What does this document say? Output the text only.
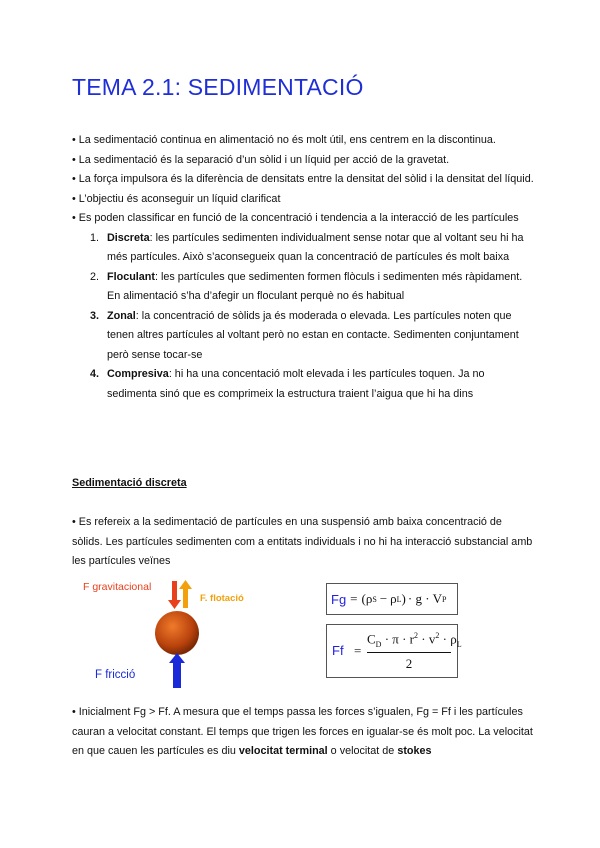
TEMA 2.1: SEDIMENTACIÓ

• La sedimentació continua en alimentació no és molt útil, ens centrem en la discontinua.

• La sedimentació és la separació d’un sòlid i un líquid per acció de la gravetat.

• La força impulsora és la diferència de densitats entre la densitat del sòlid i la densitat del líquid.

• L’objectiu és aconseguir un líquid clarificat

• Es poden classificar en funció de la concentració i tendencia a la interacció de les partícules

1. Discreta: les partícules sedimenten individualment sense notar que al voltant seu hi ha més partícules. Això s’aconsegueix quan la concentració de partícules és molt baixa
2. Floculant: les partícules que sedimenten formen flòculs i sedimenten més ràpidament. En alimentació s’ha d’afegir un floculant perquè no és habitual
3. Zonal: la concentració de sòlids ja és moderada o elevada. Les partícules noten que tenen altres partícules al voltant però no estan en contacte. Sedimenten conjuntament però sense tocar-se
4. Compresiva: hi ha una concentació molt elevada i les partícules toquen. Ja no sedimenta sinó que es comprimeix la estructura traient l’aigua que hi ha dins
Sedimentació discreta

• Es refereix a la sedimentació de partícules en una suspensió amb baixa concentració de sòlids. Les partícules sedimenten com a entitats individuals i no hi ha interacció substancial amb les partícules veïnes

F gravitacional
F. flotació
F fricció
Fg = ( ρ S − ρ L ) · g · V P
Ff =
$C_D \cdot \pi \cdot r^2 \cdot v^2 \cdot \rho_L$
2

• Inicialment Fg > Ff. A mesura que el temps passa les forces s’igualen, Fg = Ff i les partícules cauran a velocitat constant. El temps que trigen les forces en igualar-se és molt poc. La velocitat en que cauen les partícules es diu velocitat terminal o velocitat de stokes
